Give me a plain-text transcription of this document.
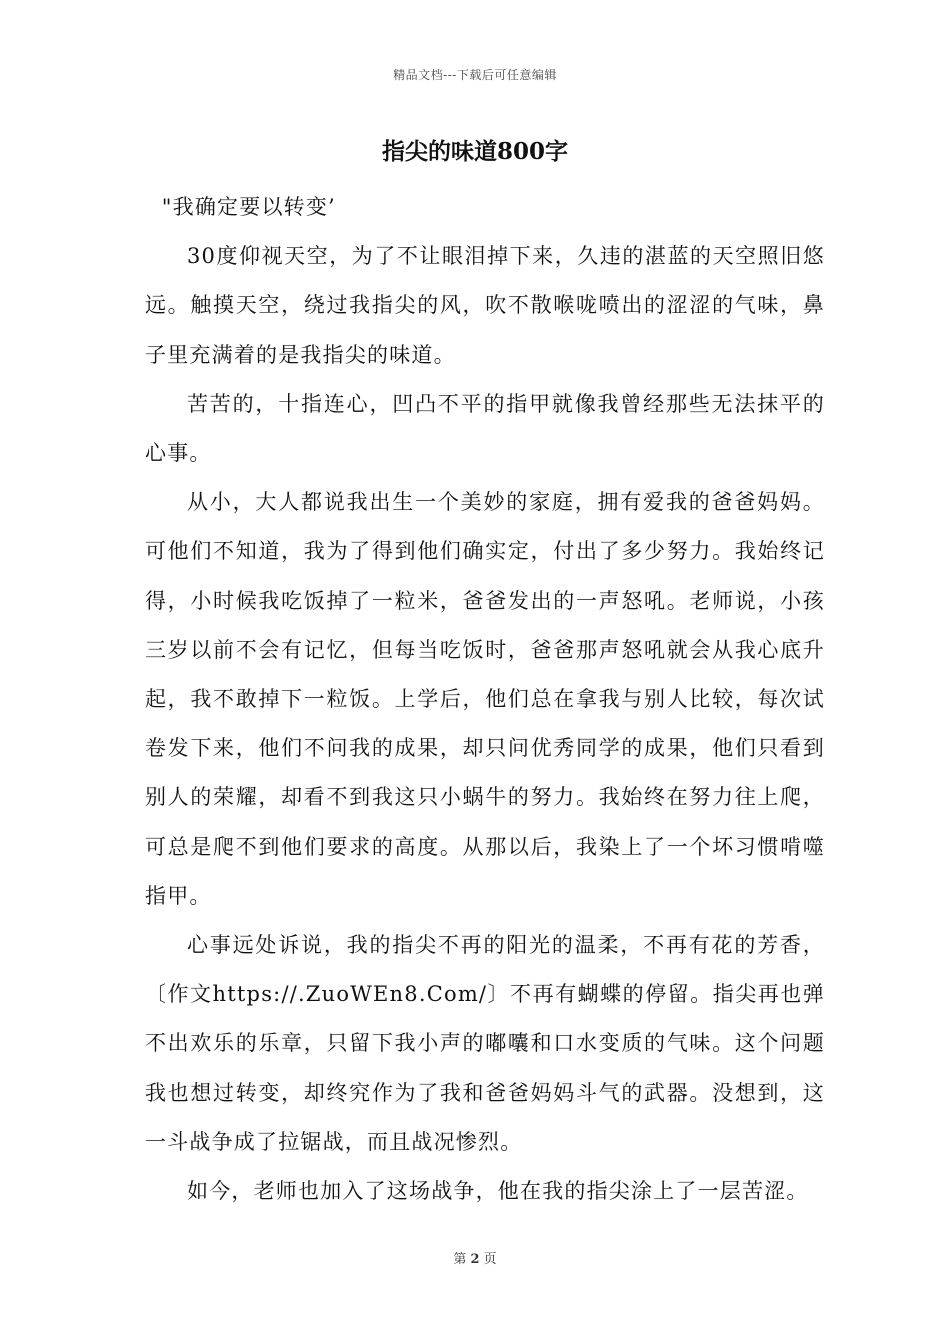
精品文档---下载后可任意编辑
指尖的味道800字

"我确定要以转变’

30度仰视天空，为了不让眼泪掉下来，久违的湛蓝的天空照旧悠远。触摸天空，绕过我指尖的风，吹不散喉咙喷出的涩涩的气味，鼻子里充满着的是我指尖的味道。

苦苦的，十指连心，凹凸不平的指甲就像我曾经那些无法抹平的心事。

从小，大人都说我出生一个美妙的家庭，拥有爱我的爸爸妈妈。可他们不知道，我为了得到他们确实定，付出了多少努力。我始终记得，小时候我吃饭掉了一粒米，爸爸发出的一声怒吼。老师说，小孩三岁以前不会有记忆，但每当吃饭时，爸爸那声怒吼就会从我心底升起，我不敢掉下一粒饭。上学后，他们总在拿我与别人比较，每次试卷发下来，他们不问我的成果，却只问优秀同学的成果，他们只看到别人的荣耀，却看不到我这只小蜗牛的努力。我始终在努力往上爬，可总是爬不到他们要求的高度。从那以后，我染上了一个坏习惯啃噬指甲。

心事远处诉说，我的指尖不再的阳光的温柔，不再有花的芳香，〔作文https://.ZuoWEn8.Com/〕不再有蝴蝶的停留。指尖再也弹不出欢乐的乐章，只留下我小声的嘟囔和口水变质的气味。这个问题我也想过转变，却终究作为了我和爸爸妈妈斗气的武器。没想到，这一斗战争成了拉锯战，而且战况惨烈。

如今，老师也加入了这场战争，他在我的指尖涂上了一层苦涩。

第 2 页
